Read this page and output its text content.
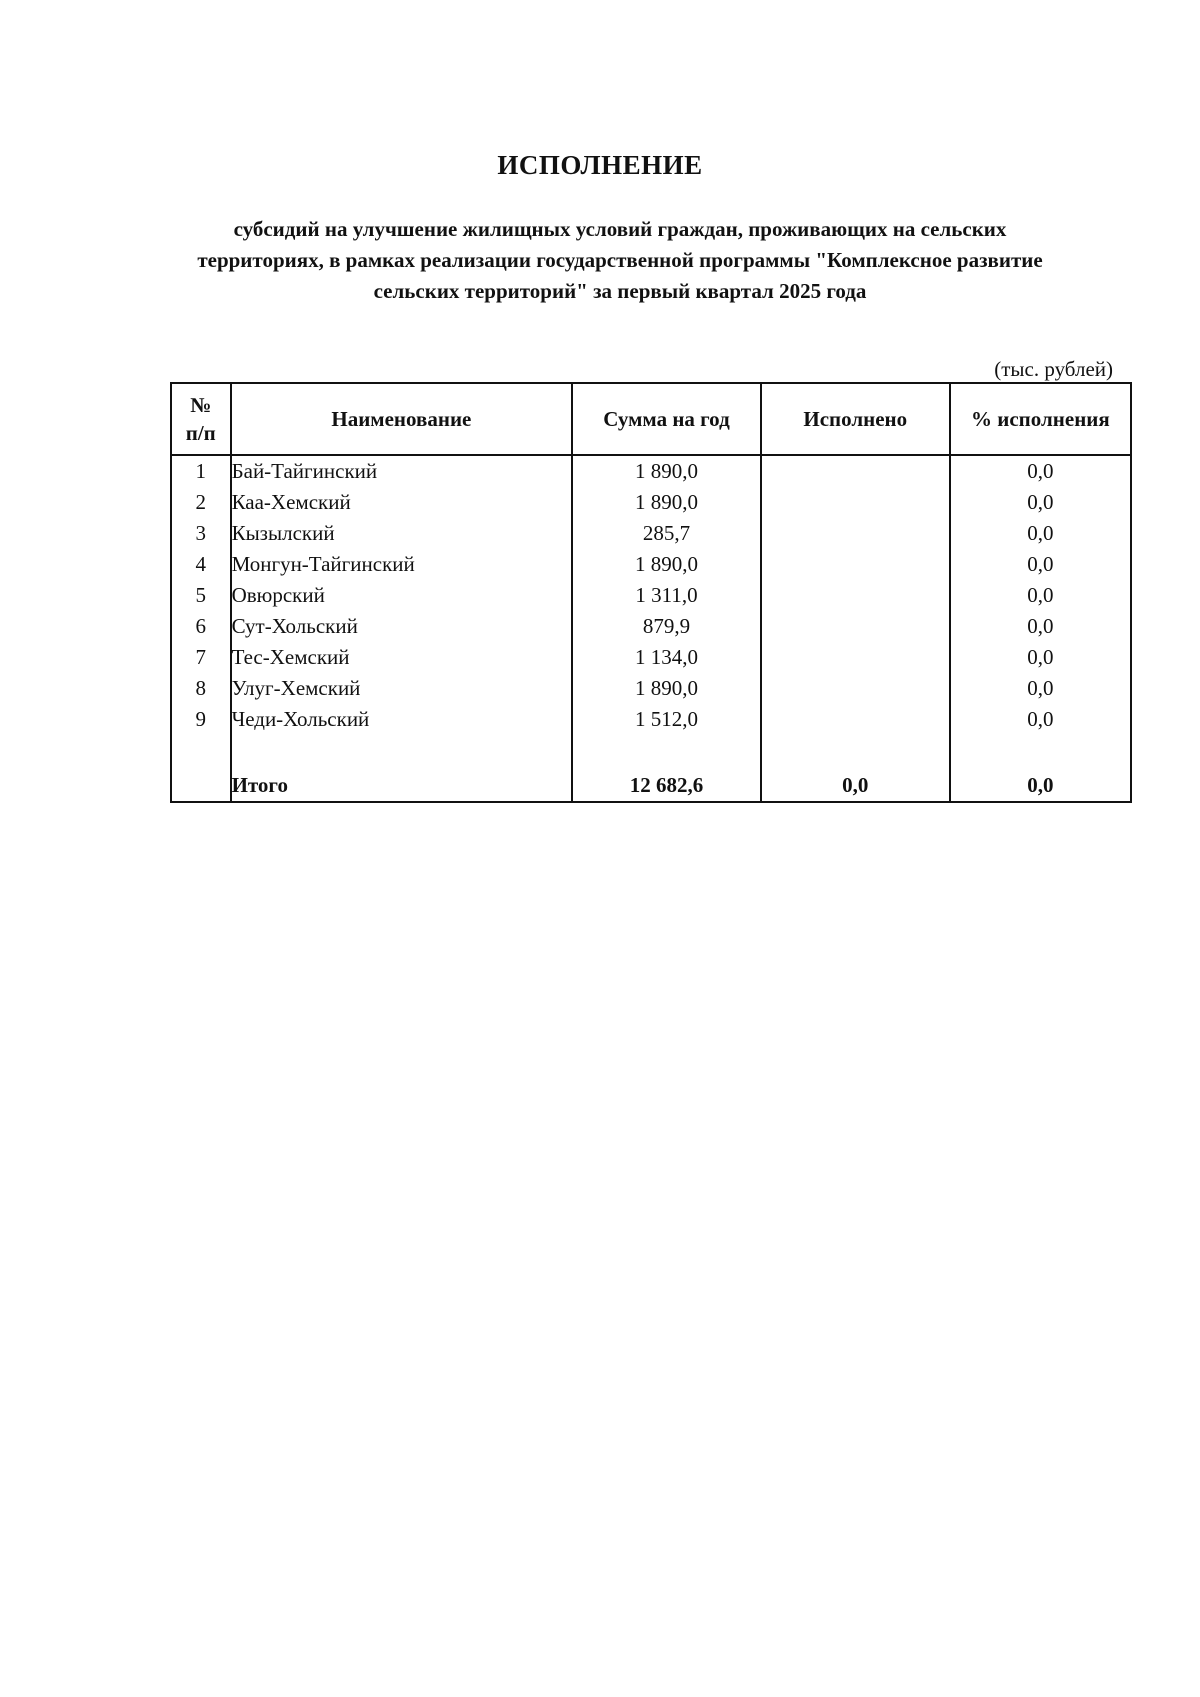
ИСПОЛНЕНИЕ
субсидий на улучшение жилищных условий граждан, проживающих на сельских территориях, в рамках реализации государственной программы "Комплексное развитие сельских территорий" за первый квартал 2025 года
(тыс. рублей)
№
п/п	Наименование	Сумма на год	Исполнено	% исполнения
1	Бай-Тайгинский	1 890,0		0,0
2	Каа-Хемский	1 890,0		0,0
3	Кызылский	285,7		0,0
4	Монгун-Тайгинский	1 890,0		0,0
5	Овюрский	1 311,0		0,0
6	Сут-Хольский	879,9		0,0
7	Тес-Хемский	1 134,0		0,0
8	Улуг-Хемский	1 890,0		0,0
9	Чеди-Хольский	1 512,0		0,0

	Итого	12 682,6	0,0	0,0
